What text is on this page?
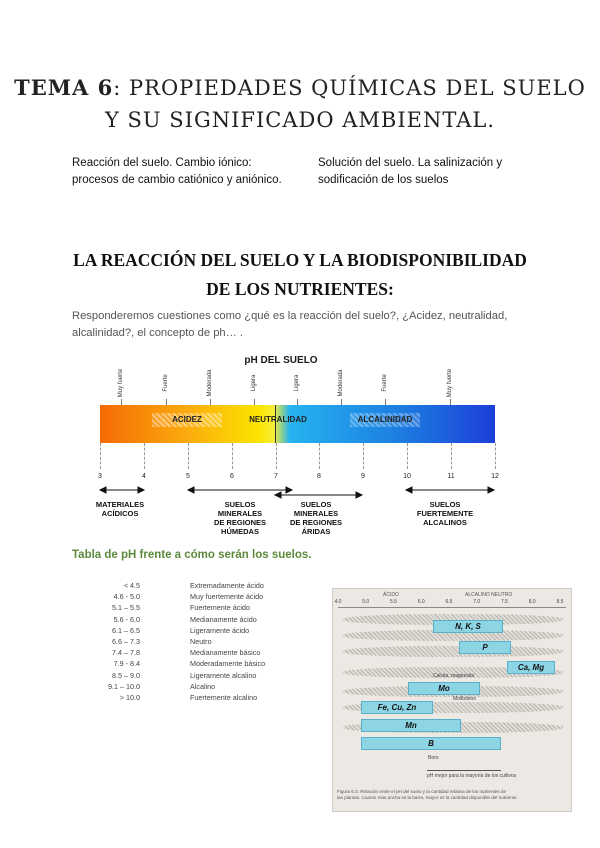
TEMA 6: PROPIEDADES QUÍMICAS DEL SUELO
Y SU SIGNIFICADO AMBIENTAL.
Reacción del suelo. Cambio iónico:
procesos de cambio catiónico y aniónico.
Solución del suelo. La salinización y
sodificación de los suelos
LA REACCIÓN DEL SUELO Y LA BIODISPONIBILIDAD
DE LOS NUTRIENTES:
Responderemos cuestiones como ¿qué es la reacción del suelo?, ¿Acidez, neutralidad,
alcalinidad?, el concepto de ph… .
pH DEL SUELO
Muy fuerte	Fuerte	Moderada	Ligera	Ligera	Moderada	Fuerte	Muy fuerte
ACIDEZ	NEUTRALIDAD	ALCALINIDAD
3	4	5	6	7	8	9	10	11	12
MATERIALES
ACÍDICOS
SUELOS
MINERALES
DE REGIONES
HÚMEDAS
SUELOS
MINERALES
DE REGIONES
ÁRIDAS
SUELOS
FUERTEMENTE
ALCALINOS
Tabla de pH frente a cómo serán los suelos.
< 4.5	Extremadamente ácido
4.6 - 5.0	Muy fuertemente ácido
5.1 – 5.5	Fuertemente ácido
5.6 - 6.0	Medianamente ácido
6.1 – 6.5	Ligeramente ácido
6.6 – 7.3	Neutro
7.4 – 7.8	Medianamente básico
7.9 - 8.4	Moderadamente básico
8.5 – 9.0	Ligeramente alcalino
9.1 – 10.0	Alcalino
> 10.0	Fuertemente alcalino
4.0	5.0	5.5	6.0	6.5	7.0	7.5	8.0	8.5
ÁCIDO	ALCALINO NEUTRO
N, K, S
P
Ca, Mg
Calcita, magnesita
Mo
Molibdeno
Fe, Cu, Zn
Mn
B
Boro
pH mejor para la mayoría de los cultivos
Figura 6.3. Relación entre el pH del suelo y la cantidad relativa de los nutrientes de
las plantas. Cuanto más ancha es la barra, mayor es la cantidad disponible del nutriente.
